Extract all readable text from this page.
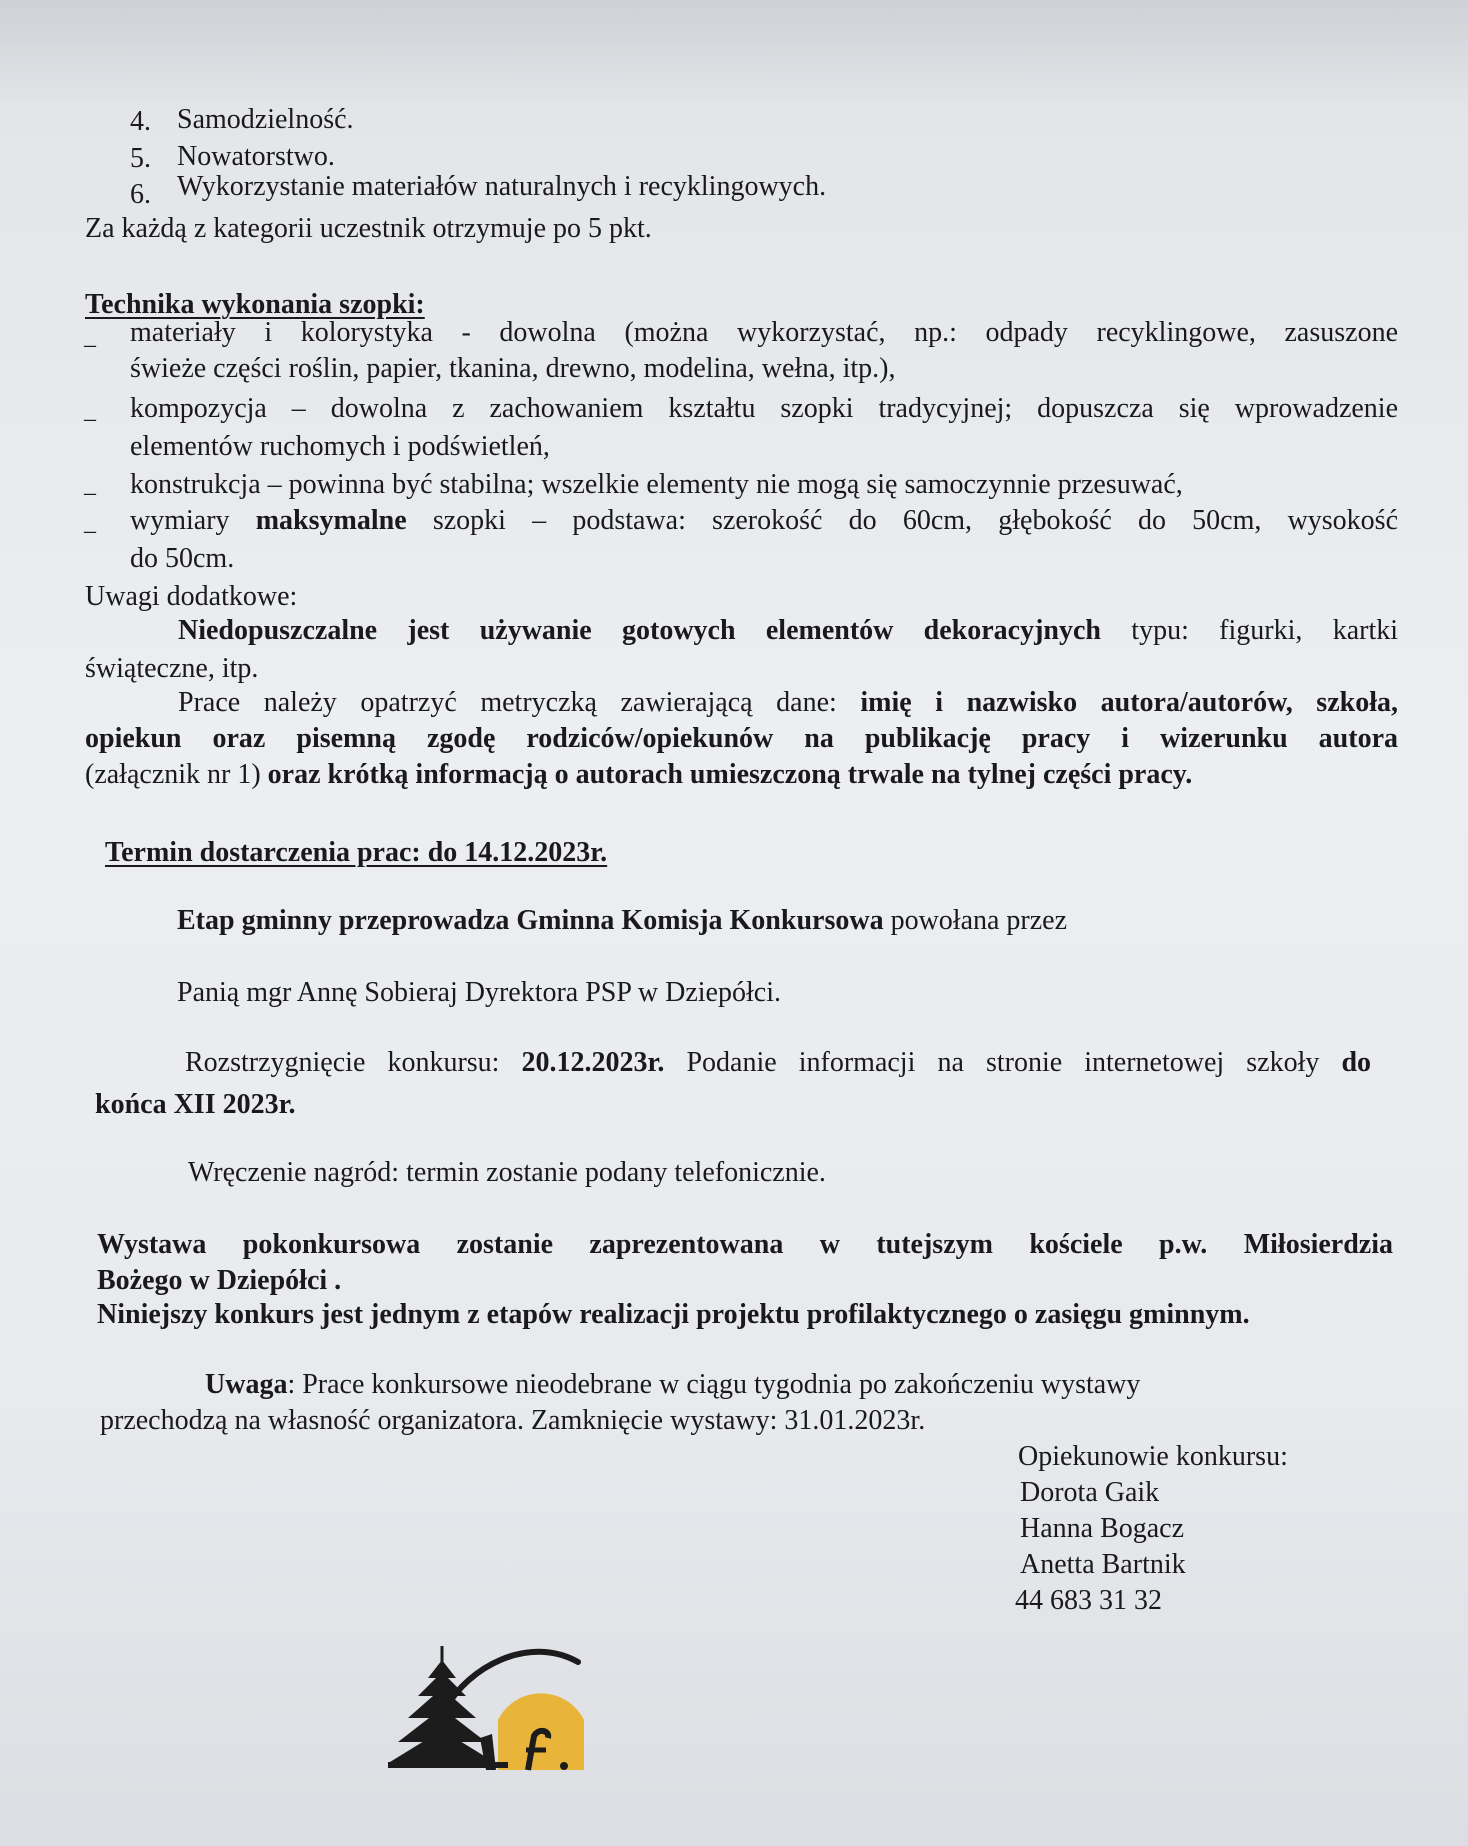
4. Samodzielność.
5. Nowatorstwo.
6. Wykorzystanie materiałów naturalnych i recyklingowych.
Za każdą z kategorii uczestnik otrzymuje po 5 pkt.
Technika wykonania szopki:
– materiały i kolorystyka - dowolna (można wykorzystać, np.: odpady recyklingowe, zasuszone
świeże części roślin, papier, tkanina, drewno, modelina, wełna, itp.),
– kompozycja – dowolna z zachowaniem kształtu szopki tradycyjnej; dopuszcza się wprowadzenie
elementów ruchomych i podświetleń,
– konstrukcja – powinna być stabilna; wszelkie elementy nie mogą się samoczynnie przesuwać,
– wymiary maksymalne szopki – podstawa: szerokość do 60cm, głębokość do 50cm, wysokość
do 50cm.
Uwagi dodatkowe:
Niedopuszczalne jest używanie gotowych elementów dekoracyjnych typu: figurki, kartki
świąteczne, itp.
Prace należy opatrzyć metryczką zawierającą dane: imię i nazwisko autora/autorów, szkoła,
opiekun oraz pisemną zgodę rodziców/opiekunów na publikację pracy i wizerunku autora
(załącznik nr 1) oraz krótką informacją o autorach umieszczoną trwale na tylnej części pracy.
Termin dostarczenia prac: do 14.12.2023r.
Etap gminny przeprowadza Gminna Komisja Konkursowa powołana przez
Panią mgr Annę Sobieraj Dyrektora PSP w Dziepółci.
Rozstrzygnięcie konkursu: 20.12.2023r. Podanie informacji na stronie internetowej szkoły do
końca XII 2023r.
Wręczenie nagród: termin zostanie podany telefonicznie.
Wystawa pokonkursowa zostanie zaprezentowana w tutejszym kościele p.w. Miłosierdzia
Bożego w Dziepółci .
Niniejszy konkurs jest jednym z etapów realizacji projektu profilaktycznego o zasięgu gminnym.
Uwaga: Prace konkursowe nieodebrane w ciągu tygodnia po zakończeniu wystawy
przechodzą na własność organizatora. Zamknięcie wystawy: 31.01.2023r.
Opiekunowie konkursu:
Dorota Gaik
Hanna Bogacz
Anetta Bartnik
44 683 31 32
